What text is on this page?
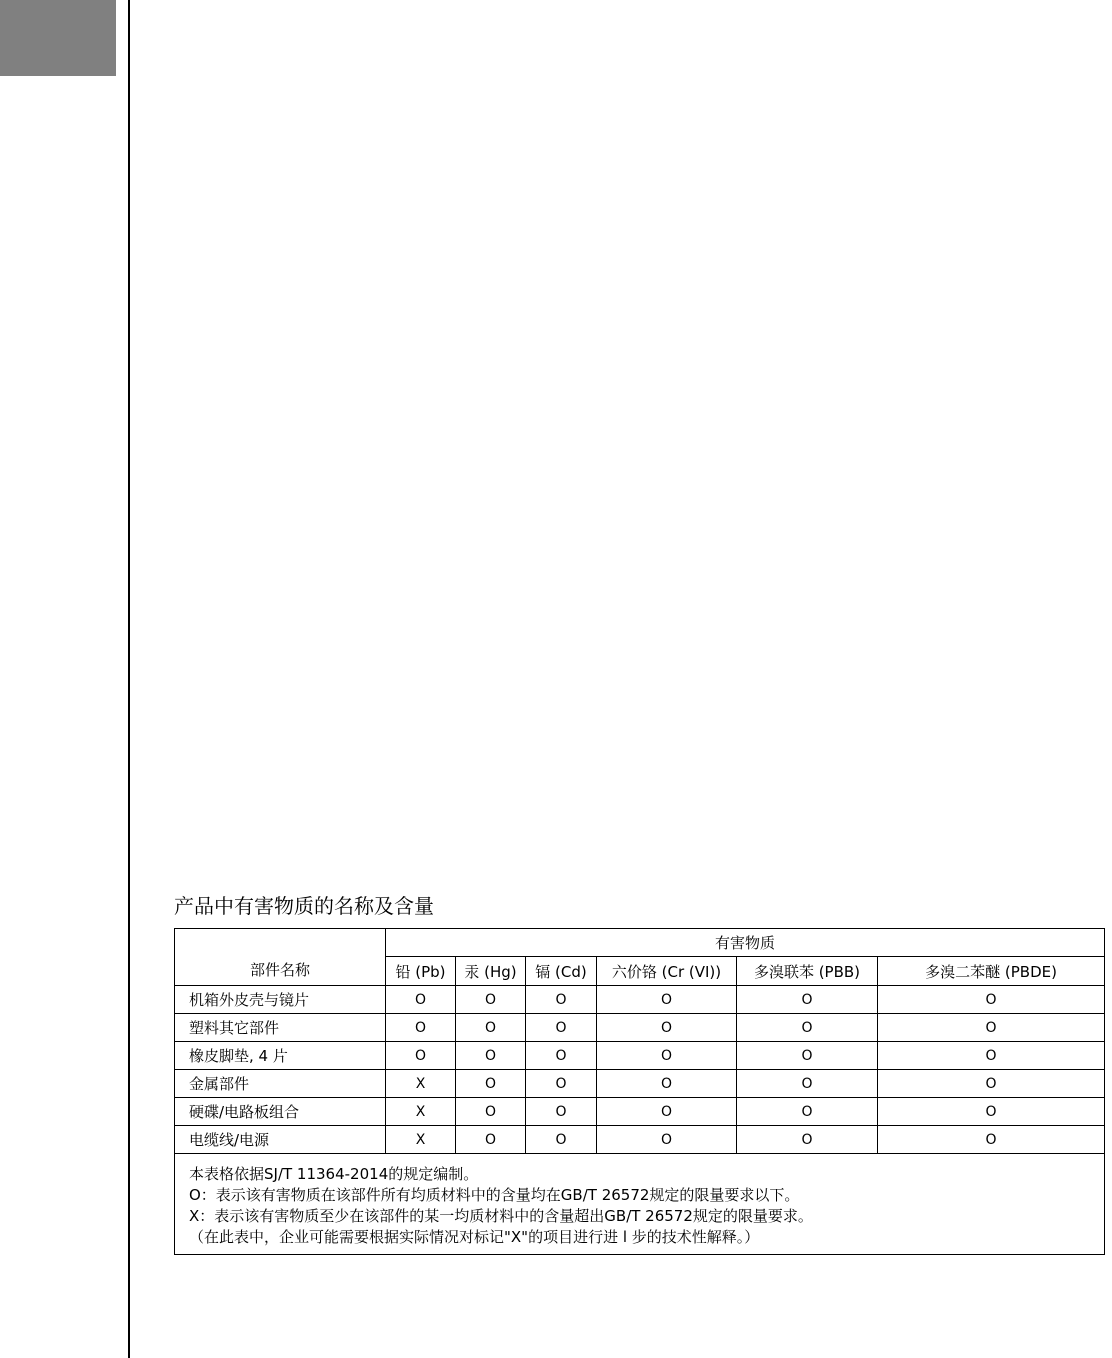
产品中有害物质的名称及含量
部件名称	有害物质					
	铅 (Pb)	汞 (Hg)	镉 (Cd)	六价铬 (Cr (VI))	多溴联苯 (PBB)	多溴二苯醚 (PBDE)
机箱外皮壳与镜片	O	O	O	O	O	O
塑料其它部件	O	O	O	O	O	O
橡皮脚垫, 4 片	O	O	O	O	O	O
金属部件	X	O	O	O	O	O
硬碟/电路板组合	X	O	O	O	O	O
电缆线/电源	X	O	O	O	O	O

本表格依据SJ/T 11364-2014的规定编制。
O：表示该有害物质在该部件所有均质材料中的含量均在GB/T 26572规定的限量要求以下。
X：表示该有害物质至少在该部件的某一均质材料中的含量超出GB/T 26572规定的限量要求。
（在此表中，企业可能需要根据实际情况对标记"X"的项目进行进 l 步的技术性解释。）						
